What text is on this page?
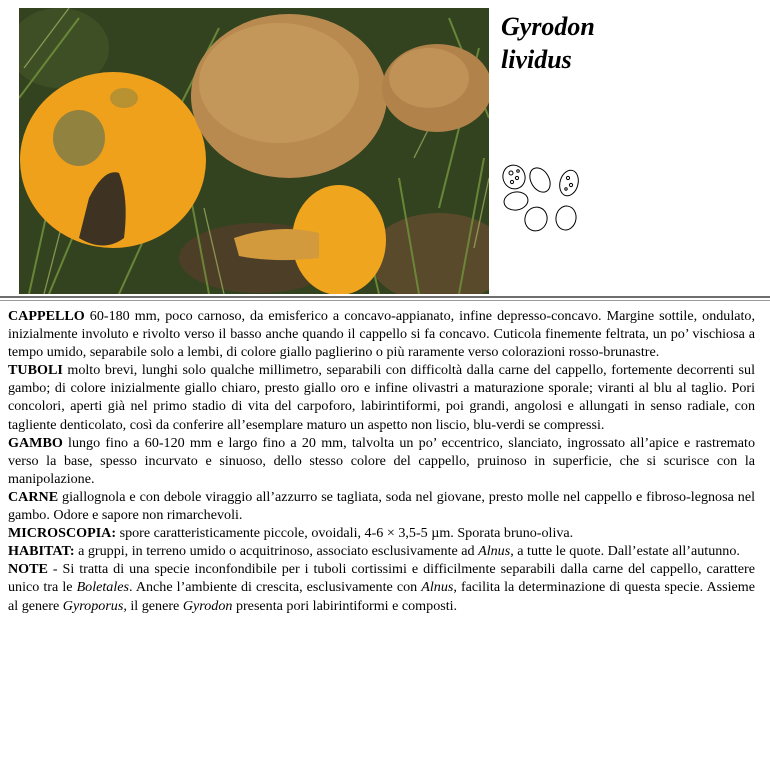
Gyrodon
lividus

CAPPELLO 60-180 mm, poco carnoso, da emisferico a concavo-appianato, infine depresso-concavo. Margine sottile, ondulato, inizialmente involuto e rivolto verso il basso anche quando il cappello si fa concavo. Cuticola finemente feltrata, un po’ vischiosa a tempo umido, separabile solo a lembi, di colore giallo paglierino o più raramente verso colorazioni rosso-brunastre.

TUBOLI molto brevi, lunghi solo qualche millimetro, separabili con difficoltà dalla carne del cappello, fortemente decorrenti sul gambo; di colore inizialmente giallo chiaro, presto giallo oro e infine olivastri a maturazione sporale; viranti al blu al taglio. Pori concolori, aperti già nel primo stadio di vita del carpoforo, labirintiformi, poi grandi, angolosi e allungati in senso radiale, con tagliente denticolato, così da conferire all’esemplare maturo un aspetto non liscio, blu-verdi se compressi.

GAMBO lungo fino a 60-120 mm e largo fino a 20 mm, talvolta un po’ eccentrico, slanciato, ingrossato all’apice e rastremato verso la base, spesso incurvato e sinuoso, dello stesso colore del cappello, pruinoso in superficie, che si scurisce con la manipolazione.

CARNE giallognola e con debole viraggio all’azzurro se tagliata, soda nel giovane, presto molle nel cappello e fibroso-legnosa nel gambo. Odore e sapore non rimarchevoli.

MICROSCOPIA: spore caratteristicamente piccole, ovoidali, 4-6 × 3,5-5 µm. Sporata bruno-oliva.

HABITAT: a gruppi, in terreno umido o acquitrinoso, associato esclusivamente ad Alnus, a tutte le quote. Dall’estate all’autunno.

NOTE - Si tratta di una specie inconfondibile per i tuboli cortissimi e difficilmente separabili dalla carne del cappello, carattere unico tra le Boletales. Anche l’ambiente di crescita, esclusivamente con Alnus, facilita la determinazione di questa specie. Assieme al genere Gyroporus, il genere Gyrodon presenta pori labirintiformi e composti.
